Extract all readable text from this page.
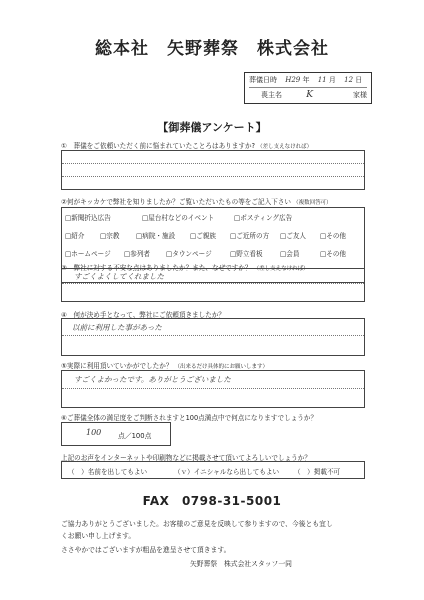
総本社　矢野葬祭　株式会社
葬儀日時 H29 年 11 月 12 日
喪主名	K	家様
【御葬儀アンケート】
①　葬儀をご依頼いただく前に悩まれていたことろはありますか? （差し支えなければ）
②何がキッカケで弊社を知りましたか？ご覧いただいたもの等をご記入下さい （複数回答可）
□新聞折込広告	□屋台村などのイベント	□ポスティング広告
□紹介 □宗教	□病院・施設 □ご親族 □ご近所の方 □ご友人 □その他
□ホームページ □参列者 □タウンページ	□野立看板	□会員	□その他
③　弊社に対する不安な点はありましたか？また、なぜですか？ （差し支えなければ）
すごくよくしてくれました
④　何が決め手となって、弊社にご依頼頂きましたか？
以前に利用した事があった
⑤実際に利用頂いていかがでしたか？ （出来るだけ具体的にお願いします）
すごくよかったです。ありがとうございました
⑥ご葬儀全体の満足度をご判断されますと100点満点中で何点になりますでしょうか？
100 点／100点
上記のお声をインターネットや印刷物などに掲載させて頂いてよろしいでしょうか？
（　）名前を出してもよい	（ｖ）イニシャルなら出してもよい （　）掲載不可
FAX　0798-31-5001
ご協力ありがとうございました。お客様のご意見を反映して参りますので、今後とも宜し
くお願い申し上げます。
ささやかではございますが粗品を進呈させて頂きます。
矢野葬祭　株式会社スタッフ一同
